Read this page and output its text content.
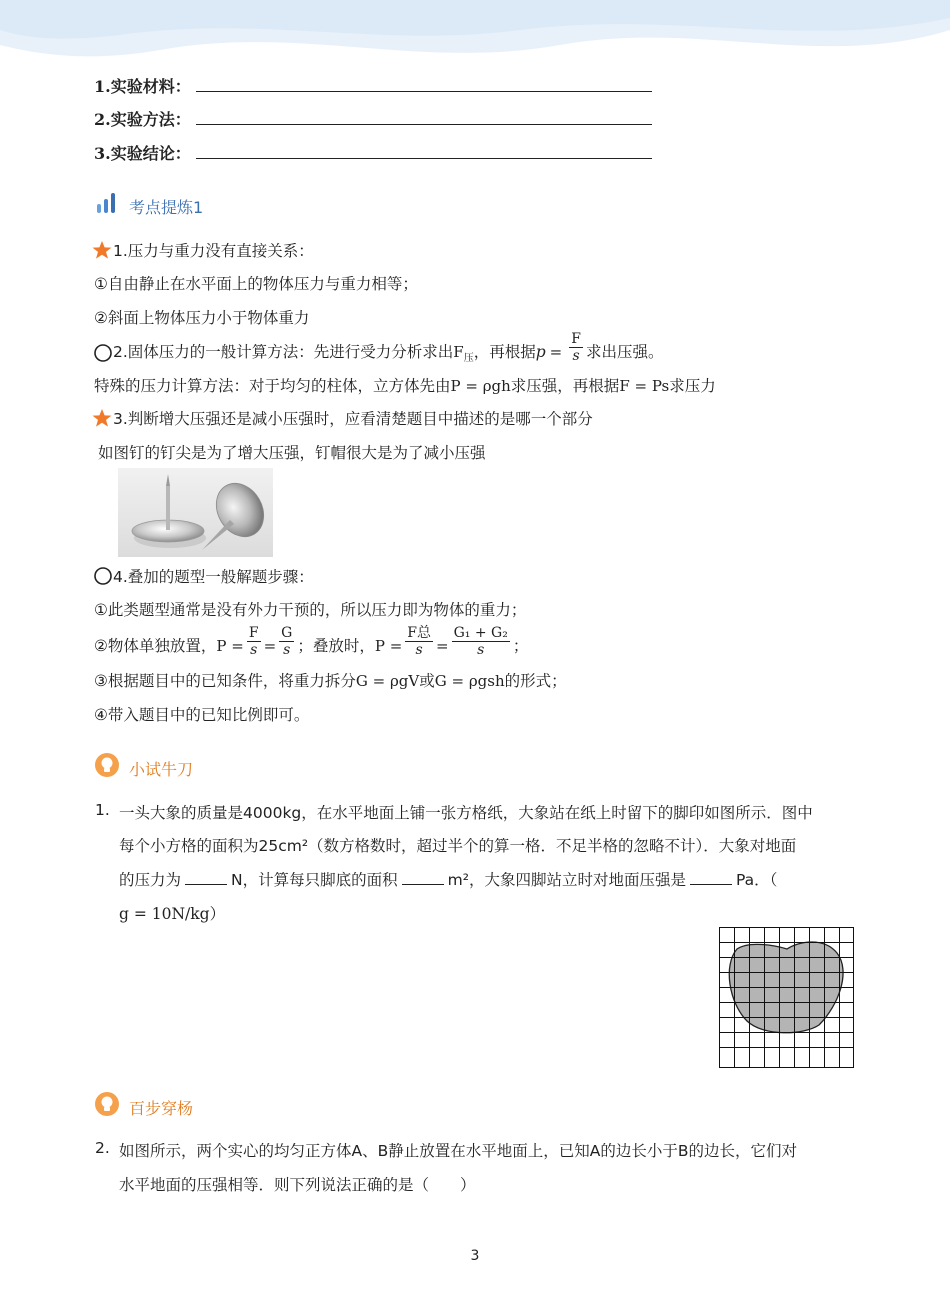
1.实验材料：
2.实验方法：
3.实验结论：
考点提炼1
1.压力与重力没有直接关系：
①自由静止在水平面上的物体压力与重力相等；
②斜面上物体压力小于物体重力
2.固体压力的一般计算方法：先进行受力分析求出$F_压$，再根据$p = \frac{F}{s}$ 求出压强。
特殊的压力计算方法：对于均匀的柱体，立方体先由P = ρgh求压强，再根据F = Ps求压力
3.判断增大压强还是减小压强时，应看清楚题目中描述的是哪一个部分
如图钉的钉尖是为了增大压强，钉帽很大是为了减小压强
4.叠加的题型一般解题步骤：
①此类题型通常是没有外力干预的，所以压力即为物体的重力；
②物体单独放置，$P = \frac{F}{s} = \frac{G}{s}$ ；叠放时，$P = \frac{\text{F总}}{s} = \frac{\text{G₁ + G₂}}{s}$ ；
③根据题目中的已知条件，将重力拆分G = ρgV或G = ρgsh的形式；
④带入题目中的已知比例即可。
小试牛刀
1. 一头大象的质量是4000kg，在水平地面上铺一张方格纸，大象站在纸上时留下的脚印如图所示．图中
每个小方格的面积为25cm²（数方格数时，超过半个的算一格．不足半格的忽略不计）．大象对地面
的压力为	N，计算每只脚底的面积	m²，大象四脚站立时对地面压强是	Pa．（
g = 10N/kg）
百步穿杨
2. 如图所示，两个实心的均匀正方体A、B静止放置在水平地面上，已知A的边长小于B的边长，它们对
水平地面的压强相等．则下列说法正确的是（　　）
3
